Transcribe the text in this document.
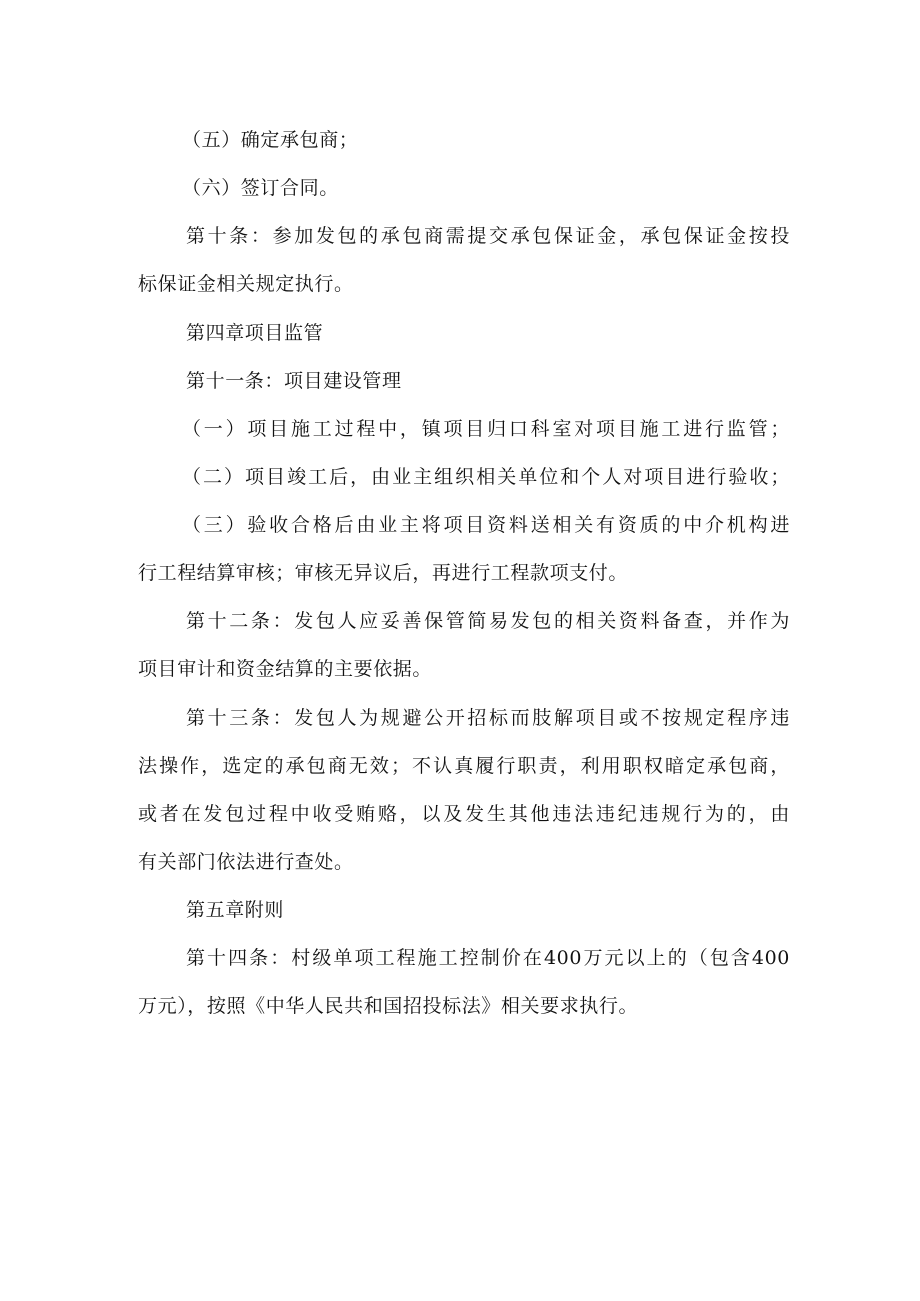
（五）确定承包商；
（六）签订合同。
第十条：参加发包的承包商需提交承包保证金，承包保证金按投
标保证金相关规定执行。
第四章项目监管
第十一条：项目建设管理
（一）项目施工过程中，镇项目归口科室对项目施工进行监管；
（二）项目竣工后，由业主组织相关单位和个人对项目进行验收；
（三）验收合格后由业主将项目资料送相关有资质的中介机构进
行工程结算审核；审核无异议后，再进行工程款项支付。
第十二条：发包人应妥善保管简易发包的相关资料备查，并作为
项目审计和资金结算的主要依据。
第十三条：发包人为规避公开招标而肢解项目或不按规定程序违
法操作，选定的承包商无效；不认真履行职责，利用职权暗定承包商，
或者在发包过程中收受贿赂，以及发生其他违法违纪违规行为的，由
有关部门依法进行查处。
第五章附则
第十四条：村级单项工程施工控制价在400万元以上的（包含400
万元），按照《中华人民共和国招投标法》相关要求执行。
